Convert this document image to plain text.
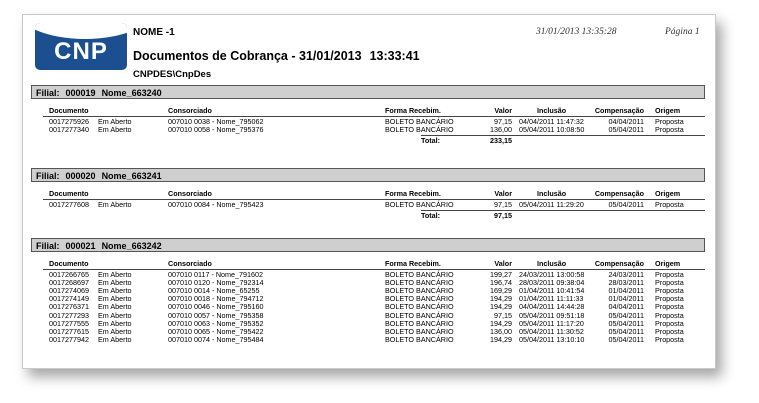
CNP
NOME -1
Documentos de Cobrança - 31/01/2013 13:33:41
CNPDES\CnpDes
31/01/2013 13:35:28	Página 1
Filial: 000019 Nome_663240
Documento	Consorciado	Forma Recebim.	Valor	Inclusão	Compensação Origem
0017275926 Em Aberto	007010 0038 - Nome_795062	BOLETO BANCÁRIO	97,15 04/04/2011 11:47:32	04/04/2011 Proposta
0017277340 Em Aberto	007010 0058 - Nome_795376	BOLETO BANCÁRIO	136,00 05/04/2011 10:08:50	05/04/2011 Proposta
Total:	233,15
Filial: 000020 Nome_663241
Documento	Consorciado	Forma Recebim.	Valor	Inclusão	Compensação Origem
0017277608 Em Aberto	007010 0084 - Nome_795423	BOLETO BANCÁRIO	97,15 05/04/2011 11:29:20	05/04/2011 Proposta
Total:	97,15
Filial: 000021 Nome_663242
Documento	Consorciado	Forma Recebim.	Valor	Inclusão	Compensação Origem
0017266765 Em Aberto	007010 0117 - Nome_791602	BOLETO BANCÁRIO	199,27 24/03/2011 13:00:58	24/03/2011 Proposta
0017268697 Em Aberto	007010 0120 - Nome_792314	BOLETO BANCÁRIO	196,74 28/03/2011 09:38:04	28/03/2011 Proposta
0017274069 Em Aberto	007010 0014 - Nome_65255	BOLETO BANCÁRIO	169,29 01/04/2011 10:41:54	01/04/2011 Proposta
0017274149 Em Aberto	007010 0018 - Nome_794712	BOLETO BANCÁRIO	194,29 01/04/2011 11:11:33	01/04/2011 Proposta
0017276371 Em Aberto	007010 0046 - Nome_795160	BOLETO BANCÁRIO	194,29 04/04/2011 14:44:28	04/04/2011 Proposta
0017277293 Em Aberto	007010 0057 - Nome_795358	BOLETO BANCÁRIO	97,15 05/04/2011 09:51:18	05/04/2011 Proposta
0017277555 Em Aberto	007010 0063 - Nome_795352	BOLETO BANCÁRIO	194,29 05/04/2011 11:17:20	05/04/2011 Proposta
0017277615 Em Aberto	007010 0065 - Nome_795422	BOLETO BANCÁRIO	136,00 05/04/2011 11:30:52	05/04/2011 Proposta
0017277942 Em Aberto	007010 0074 - Nome_795484	BOLETO BANCÁRIO	194,29 05/04/2011 13:10:10	05/04/2011 Proposta
